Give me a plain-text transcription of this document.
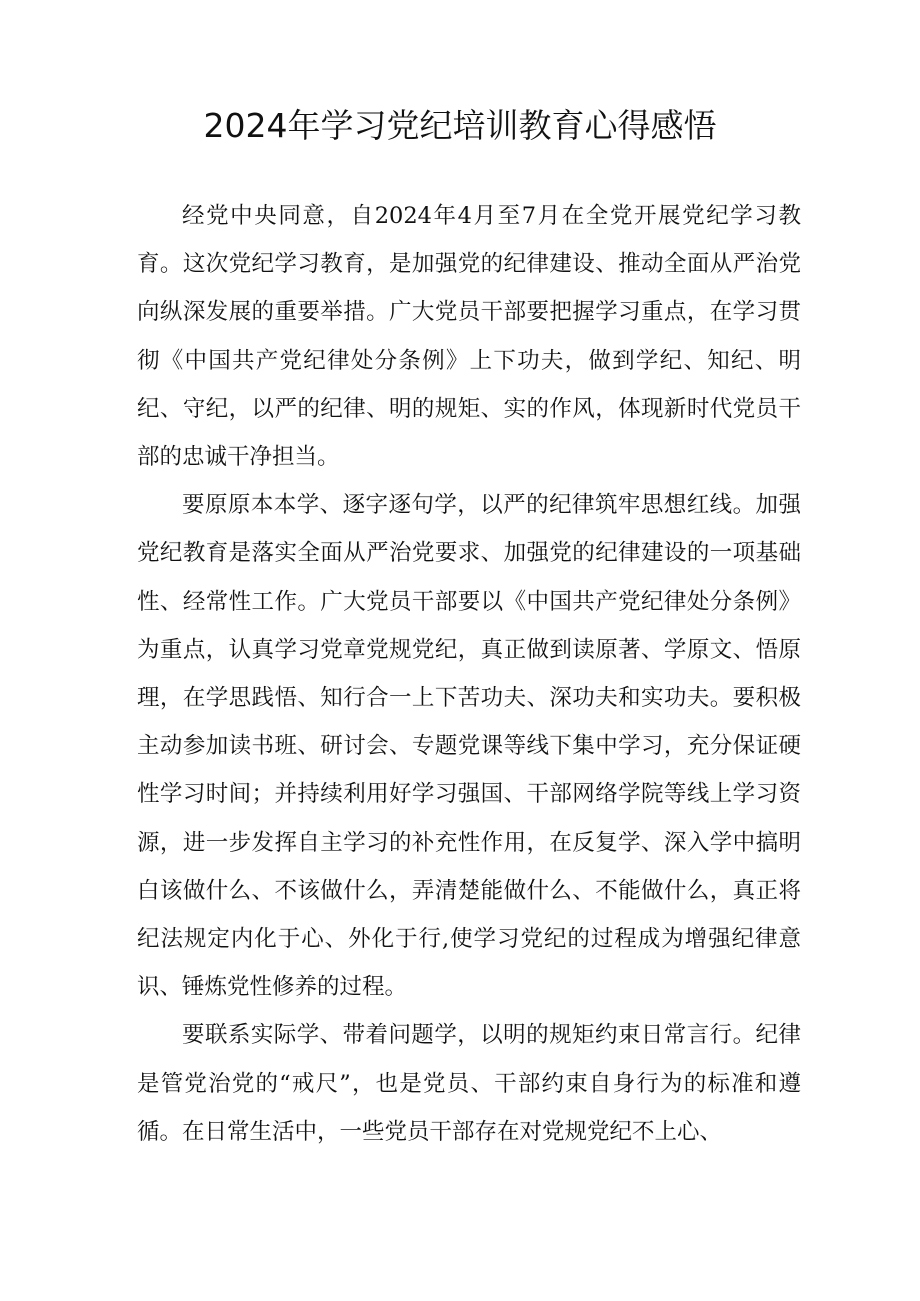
2024年学习党纪培训教育心得感悟

经党中央同意，自2024年4月至7月在全党开展党纪学习教育。这次党纪学习教育，是加强党的纪律建设、推动全面从严治党向纵深发展的重要举措。广大党员干部要把握学习重点，在学习贯彻《中国共产党纪律处分条例》上下功夫，做到学纪、知纪、明纪、守纪，以严的纪律、明的规矩、实的作风，体现新时代党员干部的忠诚干净担当。

要原原本本学、逐字逐句学，以严的纪律筑牢思想红线。加强党纪教育是落实全面从严治党要求、加强党的纪律建设的一项基础性、经常性工作。广大党员干部要以《中国共产党纪律处分条例》为重点，认真学习党章党规党纪，真正做到读原著、学原文、悟原理，在学思践悟、知行合一上下苦功夫、深功夫和实功夫。要积极主动参加读书班、研讨会、专题党课等线下集中学习，充分保证硬性学习时间；并持续利用好学习强国、干部网络学院等线上学习资源，进一步发挥自主学习的补充性作用，在反复学、深入学中搞明白该做什么、不该做什么，弄清楚能做什么、不能做什么，真正将纪法规定内化于心、外化于行,使学习党纪的过程成为增强纪律意识、锤炼党性修养的过程。

要联系实际学、带着问题学，以明的规矩约束日常言行。纪律是管党治党的“戒尺”，也是党员、干部约束自身行为的标准和遵循。在日常生活中，一些党员干部存在对党规党纪不上心、
